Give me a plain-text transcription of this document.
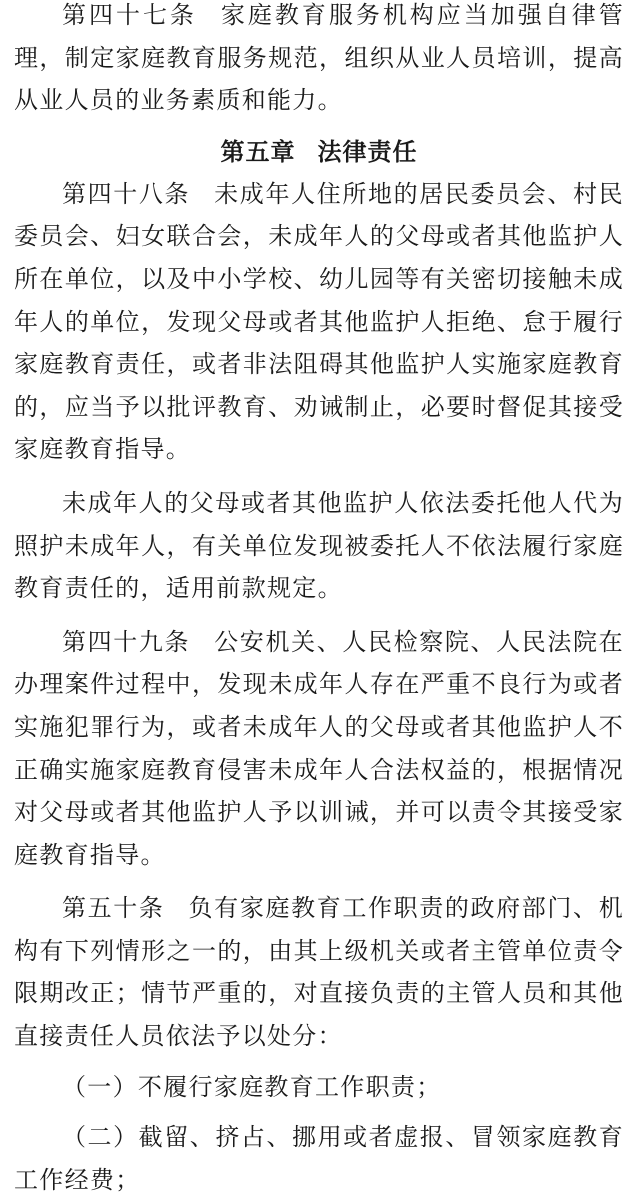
第四十七条 家庭教育服务机构应当加强自律管理，制定家庭教育服务规范，组织从业人员培训，提高从业人员的业务素质和能力。

第五章 法律责任

第四十八条 未成年人住所地的居民委员会、村民委员会、妇女联合会，未成年人的父母或者其他监护人所在单位，以及中小学校、幼儿园等有关密切接触未成年人的单位，发现父母或者其他监护人拒绝、怠于履行家庭教育责任，或者非法阻碍其他监护人实施家庭教育的，应当予以批评教育、劝诫制止，必要时督促其接受家庭教育指导。

未成年人的父母或者其他监护人依法委托他人代为照护未成年人，有关单位发现被委托人不依法履行家庭教育责任的，适用前款规定。

第四十九条 公安机关、人民检察院、人民法院在办理案件过程中，发现未成年人存在严重不良行为或者实施犯罪行为，或者未成年人的父母或者其他监护人不正确实施家庭教育侵害未成年人合法权益的，根据情况对父母或者其他监护人予以训诫，并可以责令其接受家庭教育指导。

第五十条 负有家庭教育工作职责的政府部门、机构有下列情形之一的，由其上级机关或者主管单位责令限期改正；情节严重的，对直接负责的主管人员和其他直接责任人员依法予以处分：

（一）不履行家庭教育工作职责；

（二）截留、挤占、挪用或者虚报、冒领家庭教育工作经费；
